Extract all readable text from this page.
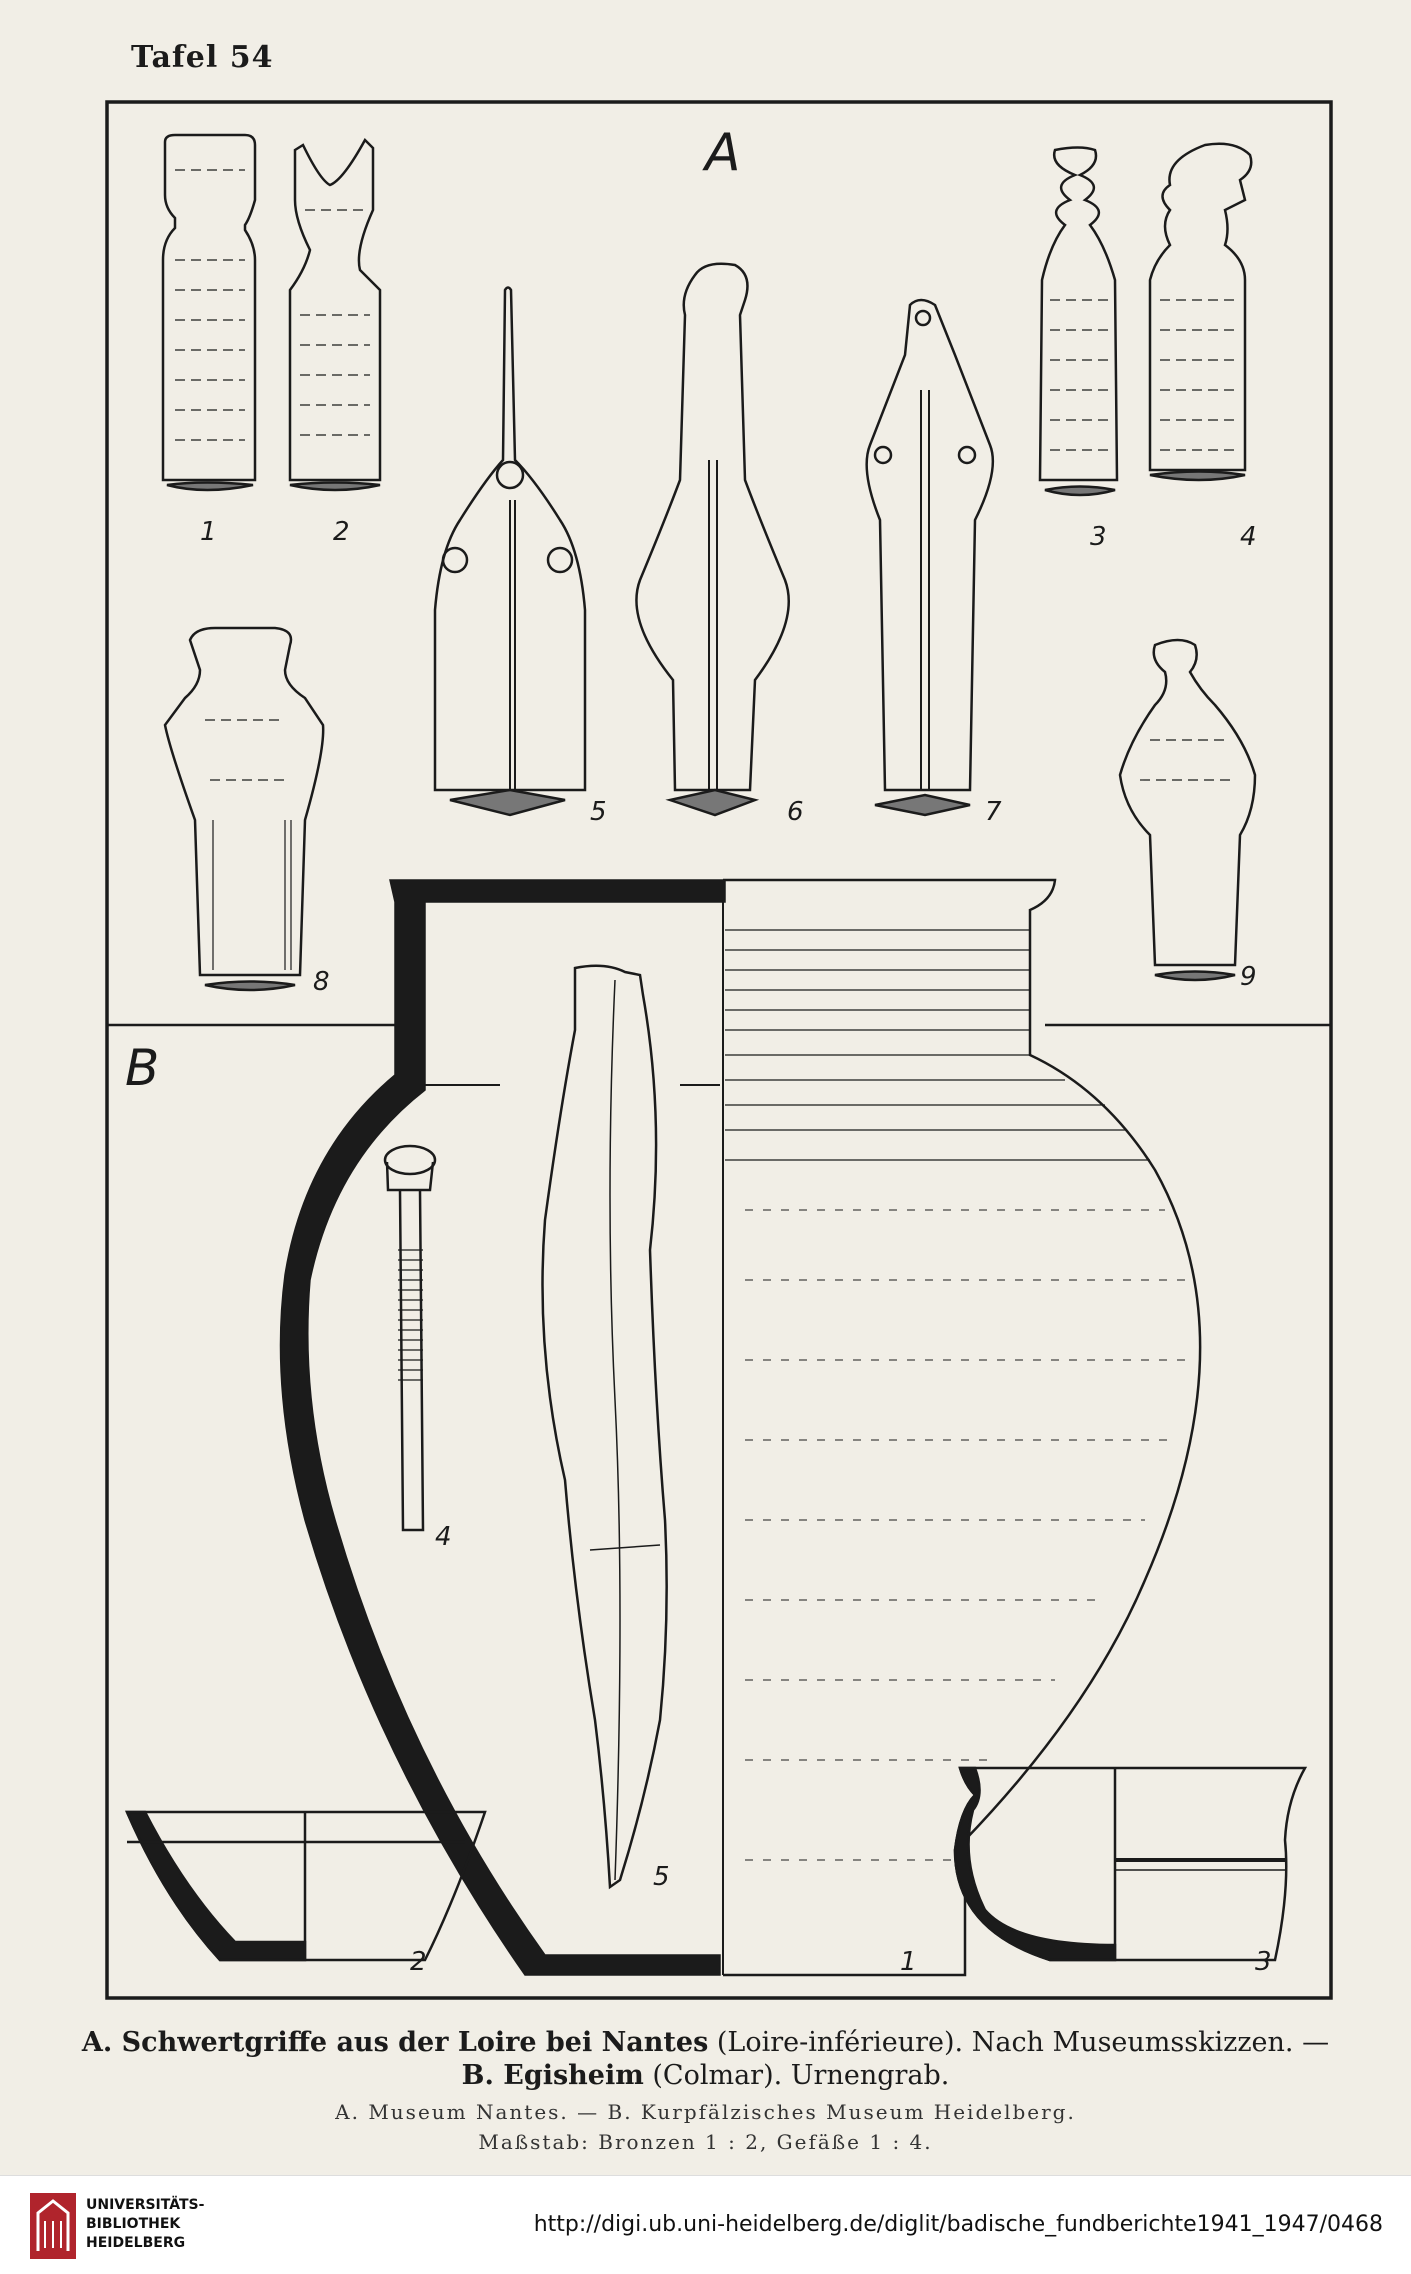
Tafel 54
A
B
1	2	3	4
5	6	7
8	9
1
2	3
4
5
A. Schwertgriffe aus der Loire bei Nantes (Loire-inférieure). Nach Museumsskizzen. —
B. Egisheim (Colmar). Urnengrab.
A. Museum Nantes. — B. Kurpfälzisches Museum Heidelberg.
Maßstab: Bronzen 1 : 2, Gefäße 1 : 4.
UNIVERSITÄTS-
BIBLIOTHEK
HEIDELBERG
http://digi.ub.uni-heidelberg.de/diglit/badische_fundberichte1941_1947/0468
